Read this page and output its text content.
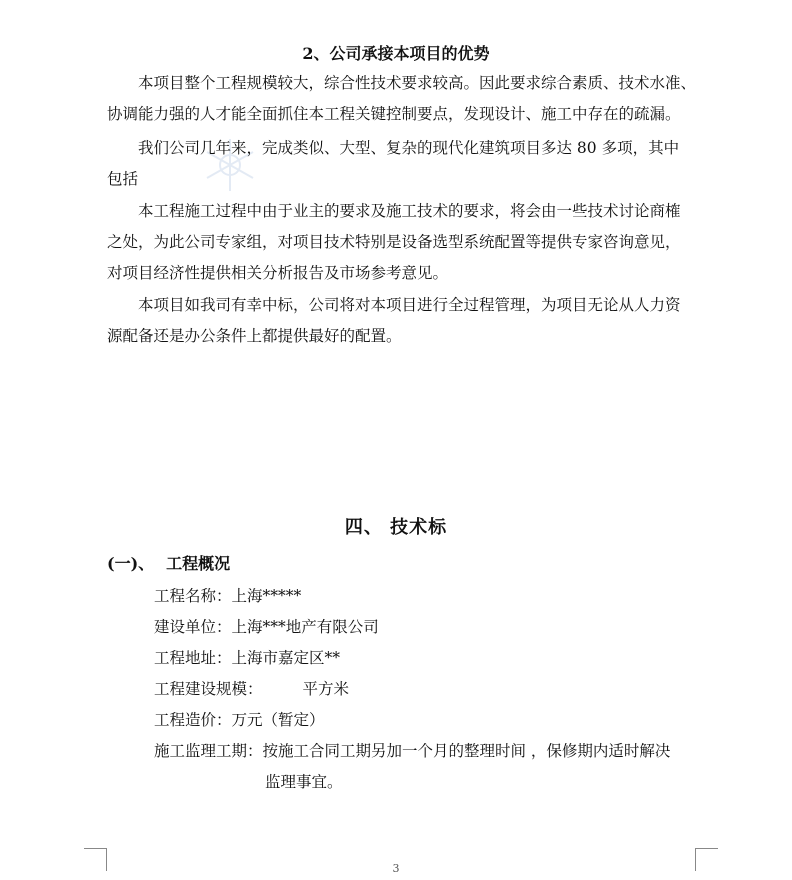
2、公司承接本项目的优势
本项目整个工程规模较大，综合性技术要求较高。因此要求综合素质、技术水准、
协调能力强的人才能全面抓住本工程关键控制要点，发现设计、施工中存在的疏漏。
我们公司几年来，完成类似、大型、复杂的现代化建筑项目多达 80 多项，其中
包括
本工程施工过程中由于业主的要求及施工技术的要求，将会由一些技术讨论商榷
之处，为此公司专家组，对项目技术特别是设备选型系统配置等提供专家咨询意见，
对项目经济性提供相关分析报告及市场参考意见。
本项目如我司有幸中标，公司将对本项目进行全过程管理，为项目无论从人力资
源配备还是办公条件上都提供最好的配置。
四、 技术标
(一)、 工程概况
工程名称：上海*****
建设单位：上海***地产有限公司
工程地址：上海市嘉定区**
工程建设规模：	平方米
工程造价：万元（暂定）
施工监理工期：按施工合同工期另加一个月的整理时间 ，保修期内适时解决
监理事宜。
3
